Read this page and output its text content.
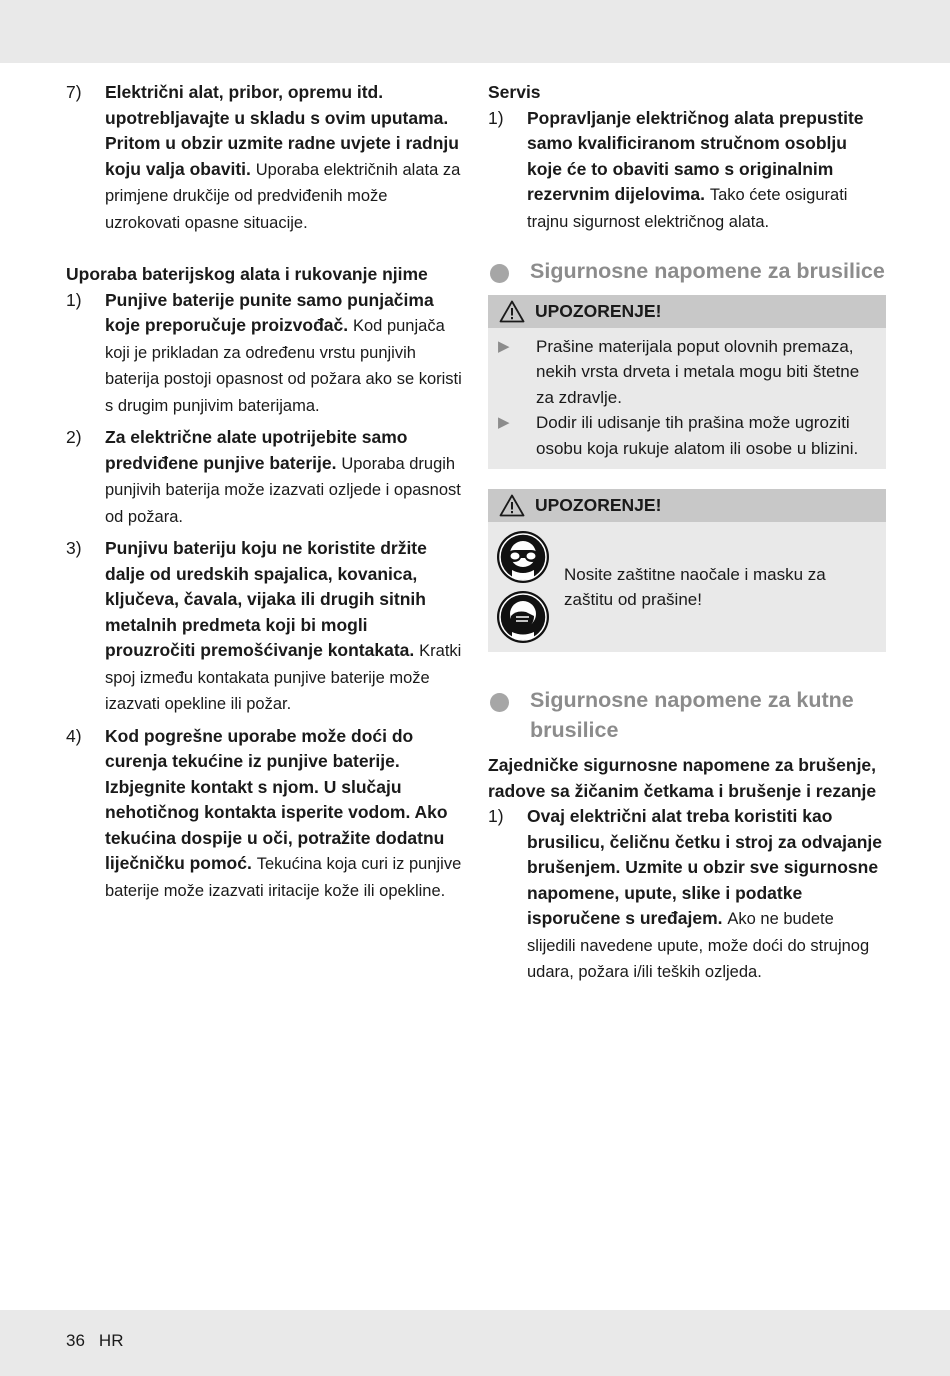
7)	Električni alat, pribor, opremu itd. upotrebljavajte u skladu s ovim uputama. Pritom u obzir uzmite radne uvjete i radnju koju valja obaviti. Uporaba električnih alata za primjene drukčije od predviđenih može uzrokovati opasne situacije.
Uporaba baterijskog alata i rukovanje njime
1)	Punjive baterije punite samo punjačima koje preporučuje proizvođač. Kod punjača koji je prikladan za određenu vrstu punjivih baterija postoji opasnost od požara ako se koristi s drugim punjivim baterijama.
2)	Za električne alate upotrijebite samo predviđene punjive baterije. Uporaba drugih punjivih baterija može izazvati ozljede i opasnost od požara.
3)	Punjivu bateriju koju ne koristite držite dalje od uredskih spajalica, kovanica, ključeva, čavala, vijaka ili drugih sitnih metalnih predmeta koji bi mogli prouzročiti premošćivanje kontakata. Kratki spoj između kontakata punjive baterije može izazvati opekline ili požar.
4)	Kod pogrešne uporabe može doći do curenja tekućine iz punjive baterije. Izbjegnite kontakt s njom. U slučaju nehotičnog kontakta isperite vodom. Ako tekućina dospije u oči, potražite dodatnu liječničku pomoć. Tekućina koja curi iz punjive baterije može izazvati iritacije kože ili opekline.
Servis
1)	Popravljanje električnog alata prepustite samo kvalificiranom stručnom osoblju koje će to obaviti samo s originalnim rezervnim dijelovima. Tako ćete osigurati trajnu sigurnost električnog alata.
Sigurnosne napomene za brusilice
UPOZORENJE!
▶	Prašine materijala poput olovnih premaza, nekih vrsta drveta i metala mogu biti štetne za zdravlje.
▶	Dodir ili udisanje tih prašina može ugroziti osobu koja rukuje alatom ili osobe u blizini.
UPOZORENJE!
Nosite zaštitne naočale i masku za zaštitu od prašine!
Sigurnosne napomene za kutne brusilice
Zajedničke sigurnosne napomene za brušenje, radove sa žičanim četkama i brušenje i rezanje
1)	Ovaj električni alat treba koristiti kao brusilicu, čeličnu četku i stroj za odvajanje brušenjem. Uzmite u obzir sve sigurnosne napomene, upute, slike i podatke isporučene s uređajem. Ako ne budete slijedili navedene upute, može doći do strujnog udara, požara i/ili teških ozljeda.
36 HR
